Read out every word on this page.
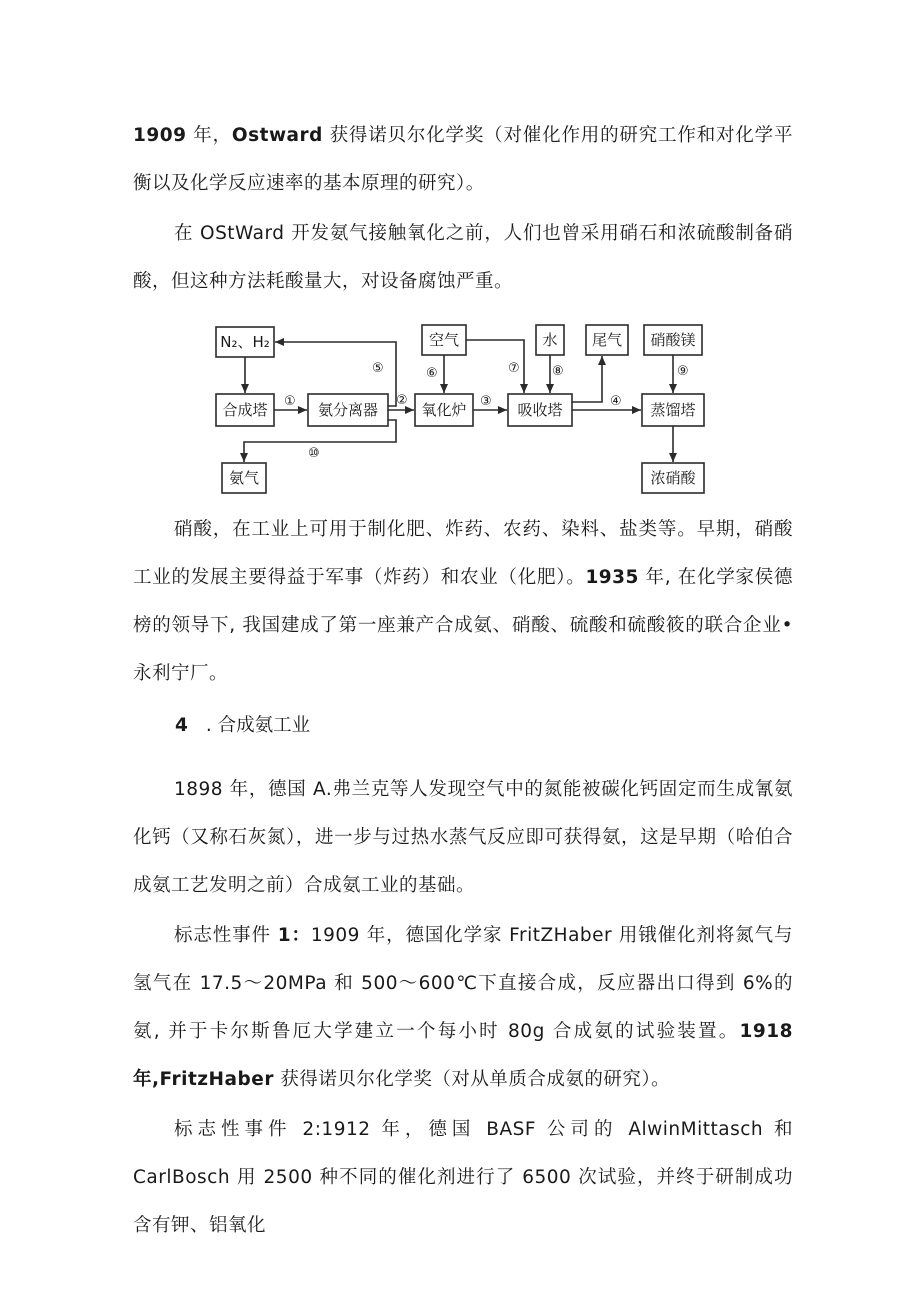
1909 年，Ostward 获得诺贝尔化学奖（对催化作用的研究工作和对化学平衡以及化学反应速率的基本原理的研究）。

在 OStWard 开发氨气接触氧化之前，人们也曾采用硝石和浓硫酸制备硝酸，但这种方法耗酸量大，对设备腐蚀严重。

N₂、H₂
合成塔	氨分离器	氧化炉	吸收塔	蒸馏塔
空气	水 尾气 硝酸镁
氨气	浓硝酸
①	②	③	④
⑤	⑥	⑦ ⑧	⑨
⑩

硝酸，在工业上可用于制化肥、炸药、农药、染料、盐类等。早期，硝酸工业的发展主要得益于军事（炸药）和农业（化肥）。1935 年, 在化学家侯德榜的领导下, 我国建成了第一座兼产合成氨、硝酸、硫酸和硫酸筱的联合企业•永利宁厂。

4 . 合成氨工业

1898 年，德国 A.弗兰克等人发现空气中的氮能被碳化钙固定而生成氰氨化钙（又称石灰氮），进一步与过热水蒸气反应即可获得氨，这是早期（哈伯合成氨工艺发明之前）合成氨工业的基础。

标志性事件 1：1909 年，德国化学家 FritZHaber 用锇催化剂将氮气与氢气在 17.5～20MPa 和 500～600℃下直接合成，反应器出口得到 6%的氨, 并于卡尔斯鲁厄大学建立一个每小时 80g 合成氨的试验装置。1918 年,FritzHaber 获得诺贝尔化学奖（对从单质合成氨的研究）。

标志性事件 2:1912 年，德国 BASF 公司的 AlwinMittasch 和 CarlBosch 用 2500 种不同的催化剂进行了 6500 次试验，并终于研制成功含有钾、铝氧化
